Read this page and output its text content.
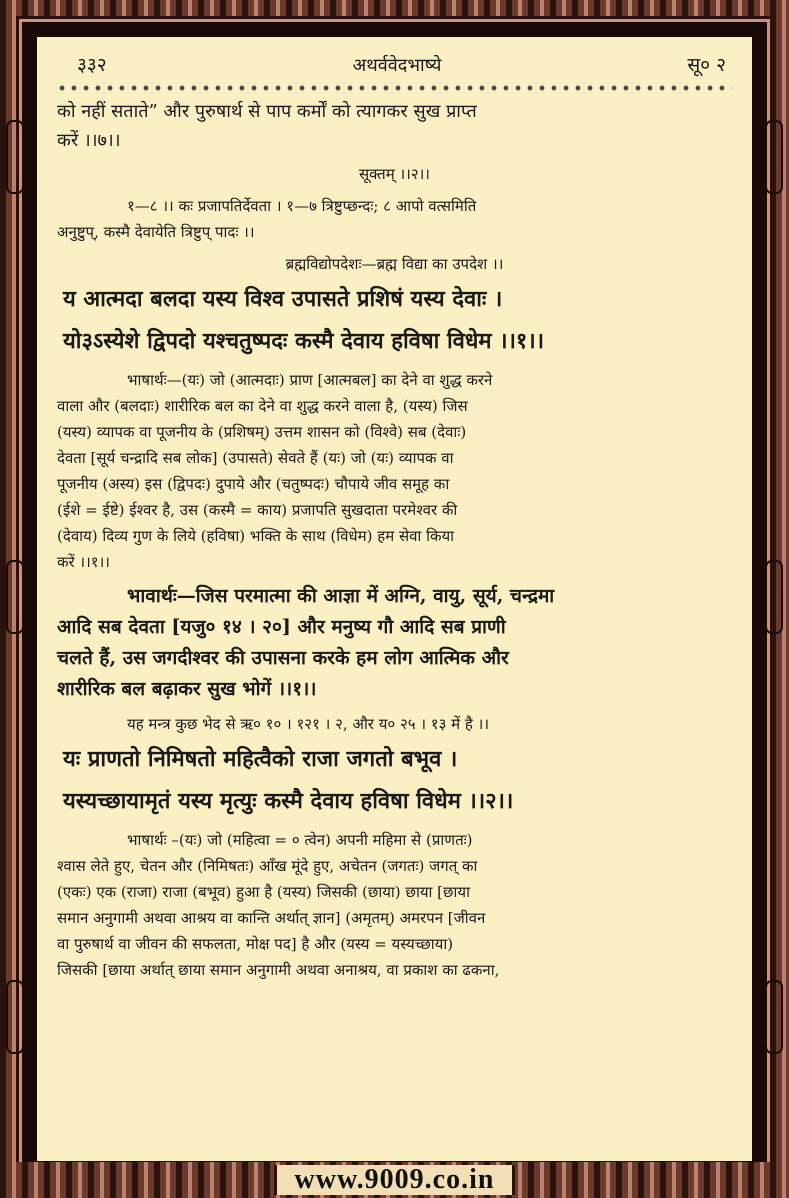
३३२	अथर्ववेदभाष्ये	सू० २

को नहीं सताते” और पुरुषार्थ से पाप कर्मों को त्यागकर सुख प्राप्त

करें ।।७।।

सूक्तम् ।।२।।

१—८ ।। कः प्रजापतिर्देवता । १—७ त्रिष्टुप्छन्दः; ८ आपो वत्समिति

अनुष्टुप्, कस्मै देवायेति त्रिष्टुप् पादः ।।

ब्रह्मविद्योपदेशः—ब्रह्म विद्या का उपदेश ।।

य आत्मदा बलदा यस्य विश्व उपासते प्रशिषं यस्य देवाः ।

यो३ऽस्येशे द्विपदो यश्चतुष्पदः कस्मै देवाय हविषा विधेम ।।१।।

भाषार्थः—(यः) जो (आत्मदाः) प्राण [आत्मबल] का देने वा शुद्ध करने

वाला और (बलदाः) शारीरिक बल का देने वा शुद्ध करने वाला है, (यस्य) जिस

(यस्य) व्यापक वा पूजनीय के (प्रशिषम्) उत्तम शासन को (विश्वे) सब (देवाः)

देवता [सूर्य चन्द्रादि सब लोक] (उपासते) सेवते हैं (यः) जो (यः) व्यापक वा

पूजनीय (अस्य) इस (द्विपदः) दुपाये और (चतुष्पदः) चौपाये जीव समूह का

(ईशे = ईष्टे) ईश्वर है, उस (कस्मै = काय) प्रजापति सुखदाता परमेश्वर की

(देवाय) दिव्य गुण के लिये (हविषा) भक्ति के साथ (विधेम) हम सेवा किया

करें ।।१।।

भावार्थः—जिस परमात्मा की आज्ञा में अग्नि, वायु, सूर्य, चन्द्रमा

आदि सब देवता [यजु० १४ । २०] और मनुष्य गौ आदि सब प्राणी

चलते हैं, उस जगदीश्वर की उपासना करके हम लोग आत्मिक और

शारीरिक बल बढ़ाकर सुख भोगें ।।१।।

यह मन्त्र कुछ भेद से ऋ० १० । १२१ । २, और य० २५ । १३ में है ।।

यः प्राणतो निमिषतो महित्वैको राजा जगतो बभूव ।

यस्यच्छायामृतं यस्य मृत्युः कस्मै देवाय हविषा विधेम ।।२।।

भाषार्थः –(यः) जो (महित्वा = ० त्वेन) अपनी महिमा से (प्राणतः)

श्वास लेते हुए, चेतन और (निमिषतः) आँख मूंदे हुए, अचेतन (जगतः) जगत् का

(एकः) एक (राजा) राजा (बभूव) हुआ है (यस्य) जिसकी (छाया) छाया [छाया

समान अनुगामी अथवा आश्रय वा कान्ति अर्थात् ज्ञान] (अमृतम्) अमरपन [जीवन

वा पुरुषार्थ वा जीवन की सफलता, मोक्ष पद] है और (यस्य = यस्यच्छाया)

जिसकी [छाया अर्थात् छाया समान अनुगामी अथवा अनाश्रय, वा प्रकाश का ढकना,

www.9009.co.in
